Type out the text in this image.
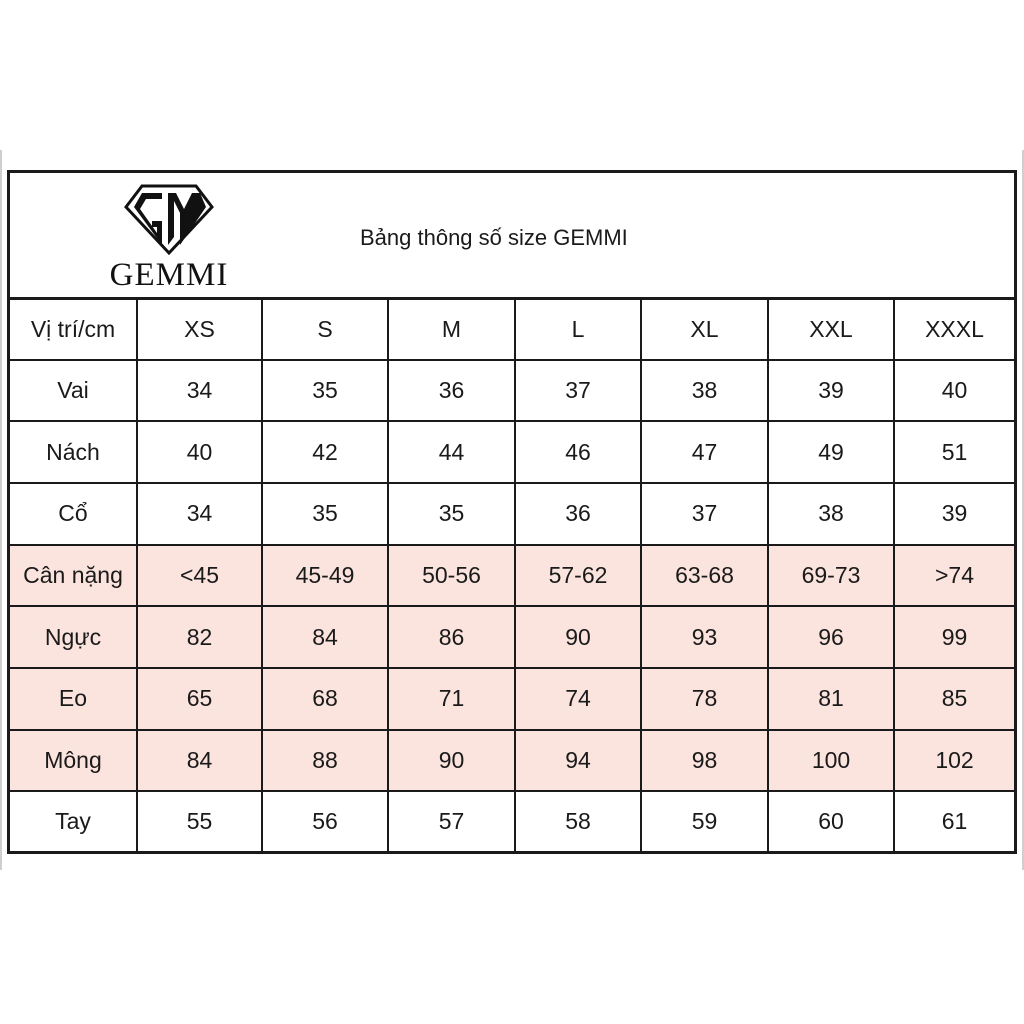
GEMMI
Bảng thông số size GEMMI
Vị trí/cm	XS	S	M	L	XL	XXL	XXXL
Vai	34	35	36	37	38	39	40
Nách	40	42	44	46	47	49	51
Cổ	34	35	35	36	37	38	39
Cân nặng	<45	45-49	50-56	57-62	63-68	69-73	>74
Ngực	82	84	86	90	93	96	99
Eo	65	68	71	74	78	81	85
Mông	84	88	90	94	98	100	102
Tay	55	56	57	58	59	60	61
